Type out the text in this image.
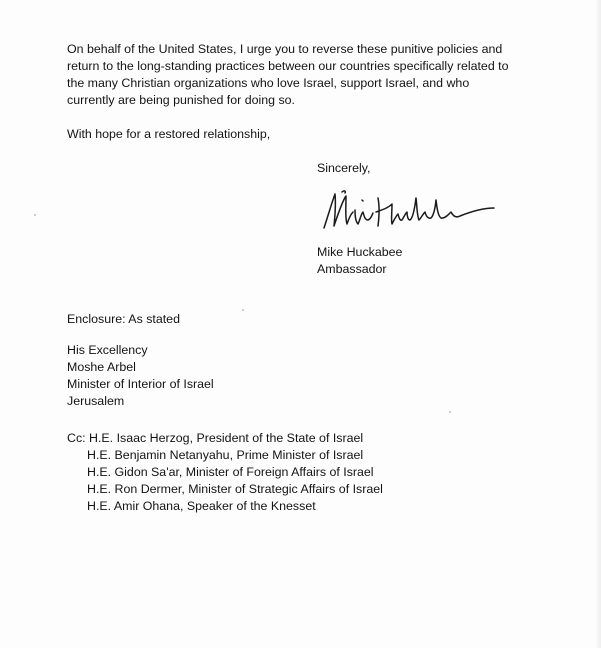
On behalf of the United States, I urge you to reverse these punitive policies and
return to the long-standing practices between our countries specifically related to
the many Christian organizations who love Israel, support Israel, and who
currently are being punished for doing so.
With hope for a restored relationship,
Sincerely,
Mike Huckabee
Ambassador
Enclosure: As stated
His Excellency
Moshe Arbel
Minister of Interior of Israel
Jerusalem
Cc: H.E. Isaac Herzog, President of the State of Israel
H.E. Benjamin Netanyahu, Prime Minister of Israel
H.E. Gidon Sa'ar, Minister of Foreign Affairs of Israel
H.E. Ron Dermer, Minister of Strategic Affairs of Israel
H.E. Amir Ohana, Speaker of the Knesset
